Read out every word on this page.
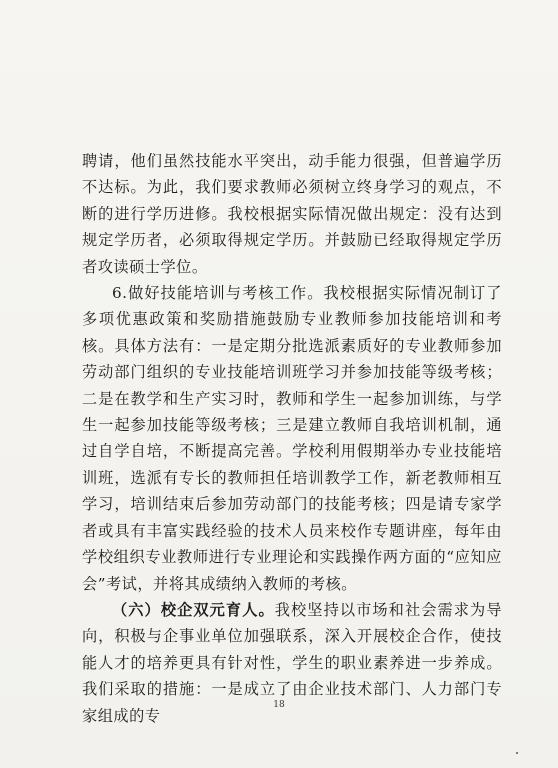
聘请，他们虽然技能水平突出，动手能力很强，但普遍学历不达标。为此，我们要求教师必须树立终身学习的观点，不断的进行学历进修。我校根据实际情况做出规定：没有达到规定学历者，必须取得规定学历。并鼓励已经取得规定学历者攻读硕士学位。

6.做好技能培训与考核工作。我校根据实际情况制订了多项优惠政策和奖励措施鼓励专业教师参加技能培训和考核。具体方法有：一是定期分批选派素质好的专业教师参加劳动部门组织的专业技能培训班学习并参加技能等级考核；二是在教学和生产实习时，教师和学生一起参加训练，与学生一起参加技能等级考核；三是建立教师自我培训机制，通过自学自培，不断提高完善。学校利用假期举办专业技能培训班，选派有专长的教师担任培训教学工作，新老教师相互学习，培训结束后参加劳动部门的技能考核；四是请专家学者或具有丰富实践经验的技术人员来校作专题讲座，每年由学校组织专业教师进行专业理论和实践操作两方面的“应知应会”考试，并将其成绩纳入教师的考核。

（六）校企双元育人。我校坚持以市场和社会需求为导向，积极与企事业单位加强联系，深入开展校企合作，使技能人才的培养更具有针对性，学生的职业素养进一步养成。我们采取的措施：一是成立了由企业技术部门、人力部门专家组成的专

18
